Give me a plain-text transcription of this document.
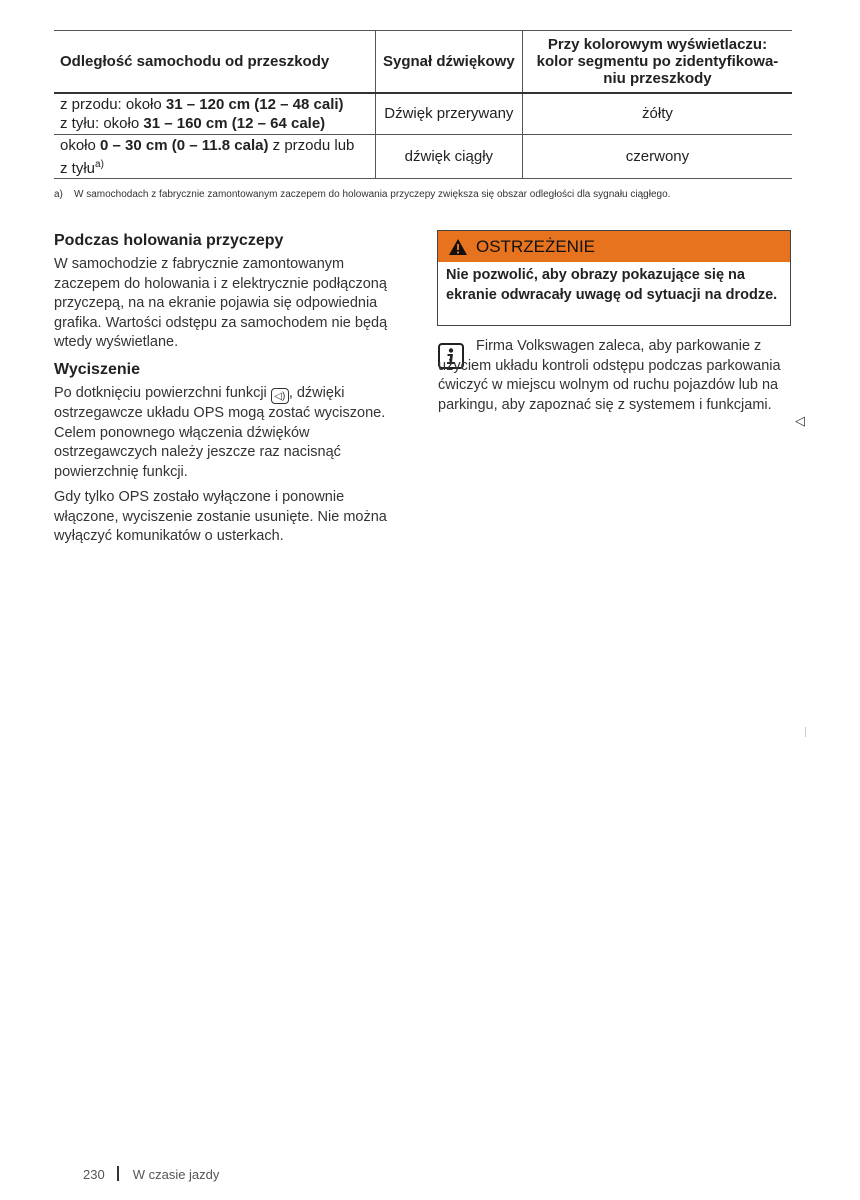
Odległość samochodu od przeszkody	Sygnał dźwiękowy	Przy kolorowym wyświetlaczu: kolor segmentu po zidentyfikowa-niu przeszkody
z przodu: około 31 – 120 cm (12 – 48 cali)
z tyłu: około 31 – 160 cm (12 – 64 cale)	Dźwięk przerywany	żółty
około 0 – 30 cm (0 – 11.8 cala) z przodu lub
z tyłu$^{a)}$	dźwięk ciągły	czerwony
a) W samochodach z fabrycznie zamontowanym zaczepem do holowania przyczepy zwiększa się obszar odległości dla sygnału ciągłego.
Podczas holowania przyczepy
W samochodzie z fabrycznie zamontowanym zaczepem do holowania i z elektrycznie podłączoną przyczepą, na na ekranie pojawia się odpowiednia grafika. Wartości odstępu za samochodem nie będą wtedy wyświetlane.
Wyciszenie
Po dotknięciu powierzchni funkcji ◁) , dźwięki ostrzegawcze układu OPS mogą zostać wyciszone. Celem ponownego włączenia dźwięków ostrzegawczych należy jeszcze raz nacisnąć powierzchnię funkcji.
Gdy tylko OPS zostało wyłączone i ponownie włączone, wyciszenie zostanie usunięte. Nie można wyłączyć komunikatów o usterkach.
OSTRZEŻENIE
Nie pozwolić, aby obrazy pokazujące się na ekranie odwracały uwagę od sytuacji na drodze.
Firma Volkswagen zaleca, aby parkowanie z użyciem układu kontroli odstępu podczas parkowania ćwiczyć w miejscu wolnym od ruchu pojazdów lub na parkingu, aby zapoznać się z systemem i funkcjami.
◁
230 W czasie jazdy
